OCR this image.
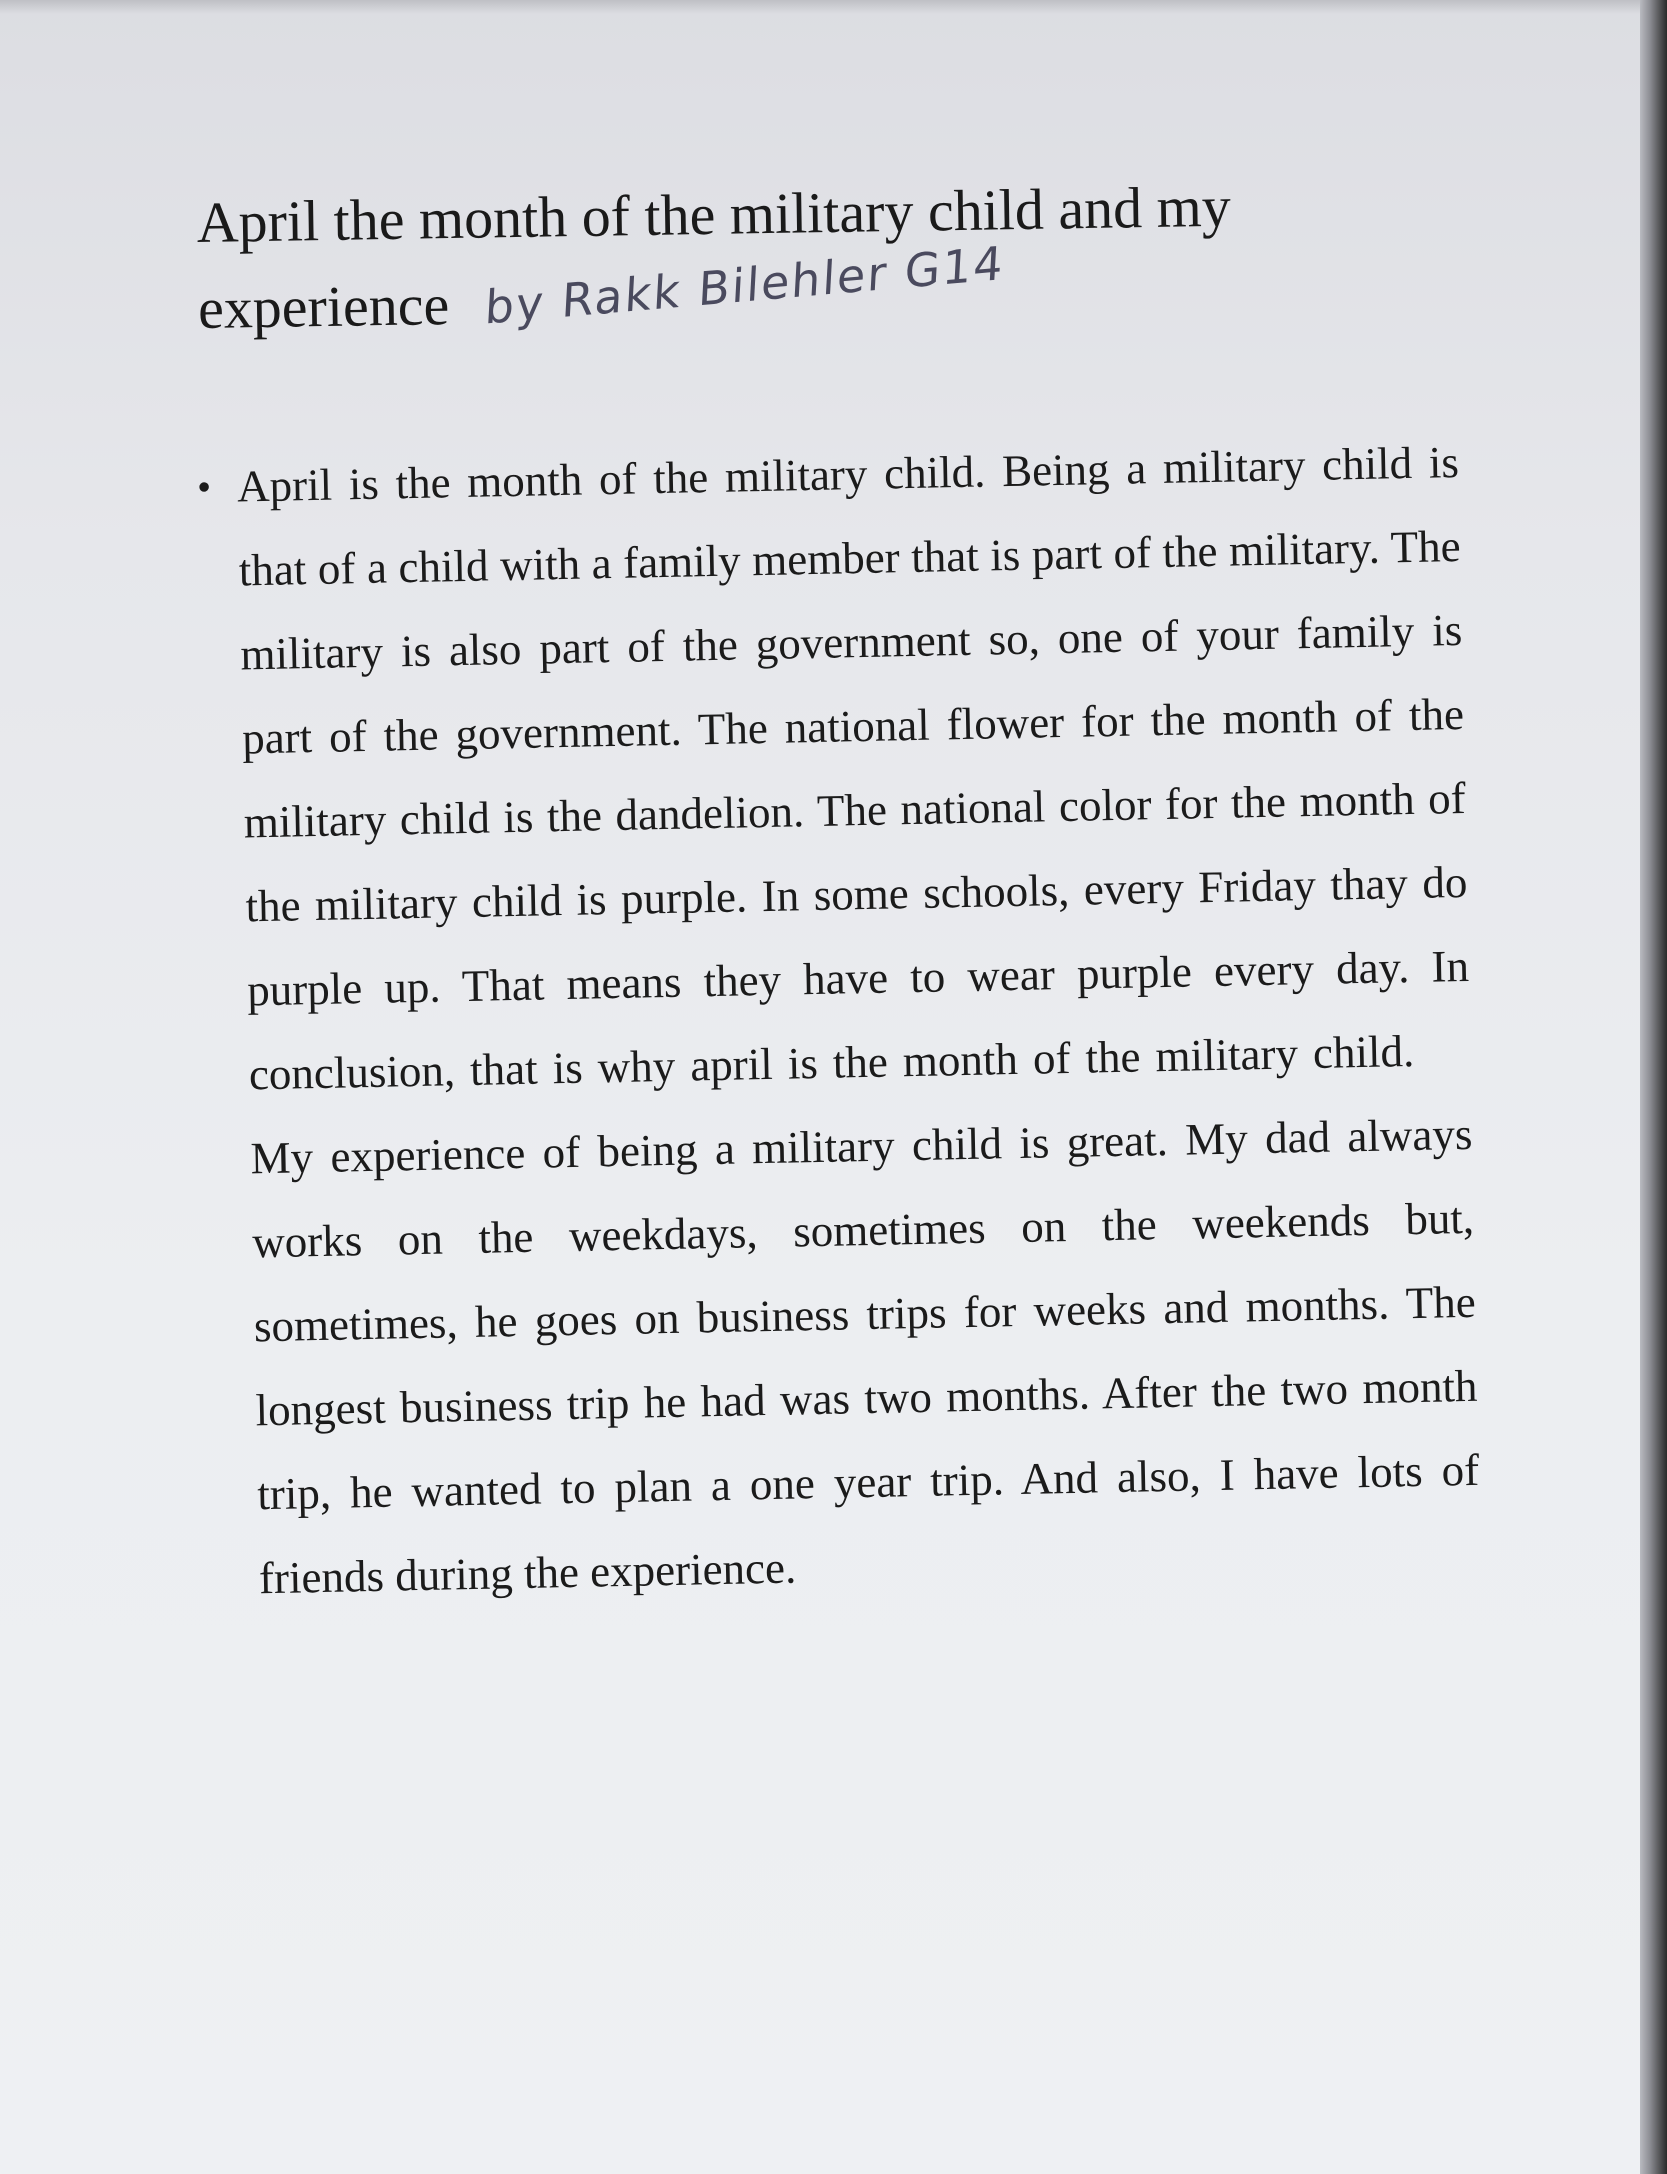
April the month of the military child and my
experience by Rakk Bilehler G14
• April is the month of the military child. Being a military child is that of a child with a family member that is part of the military. The military is also part of the government so, one of your family is part of the government. The national flower for the month of the military child is the dandelion. The national color for the month of the military child is purple. In some schools, every Friday thay do purple up. That means they have to wear purple every day. In conclusion, that is why april is the month of the military child.     My experience of being a military child is great. My dad always works on the weekdays, sometimes on the weekends but, sometimes, he goes on business trips for weeks and months. The longest business trip he had was two months. After the two month trip, he wanted to plan a one year trip. And also, I have lots of friends during the experience.
